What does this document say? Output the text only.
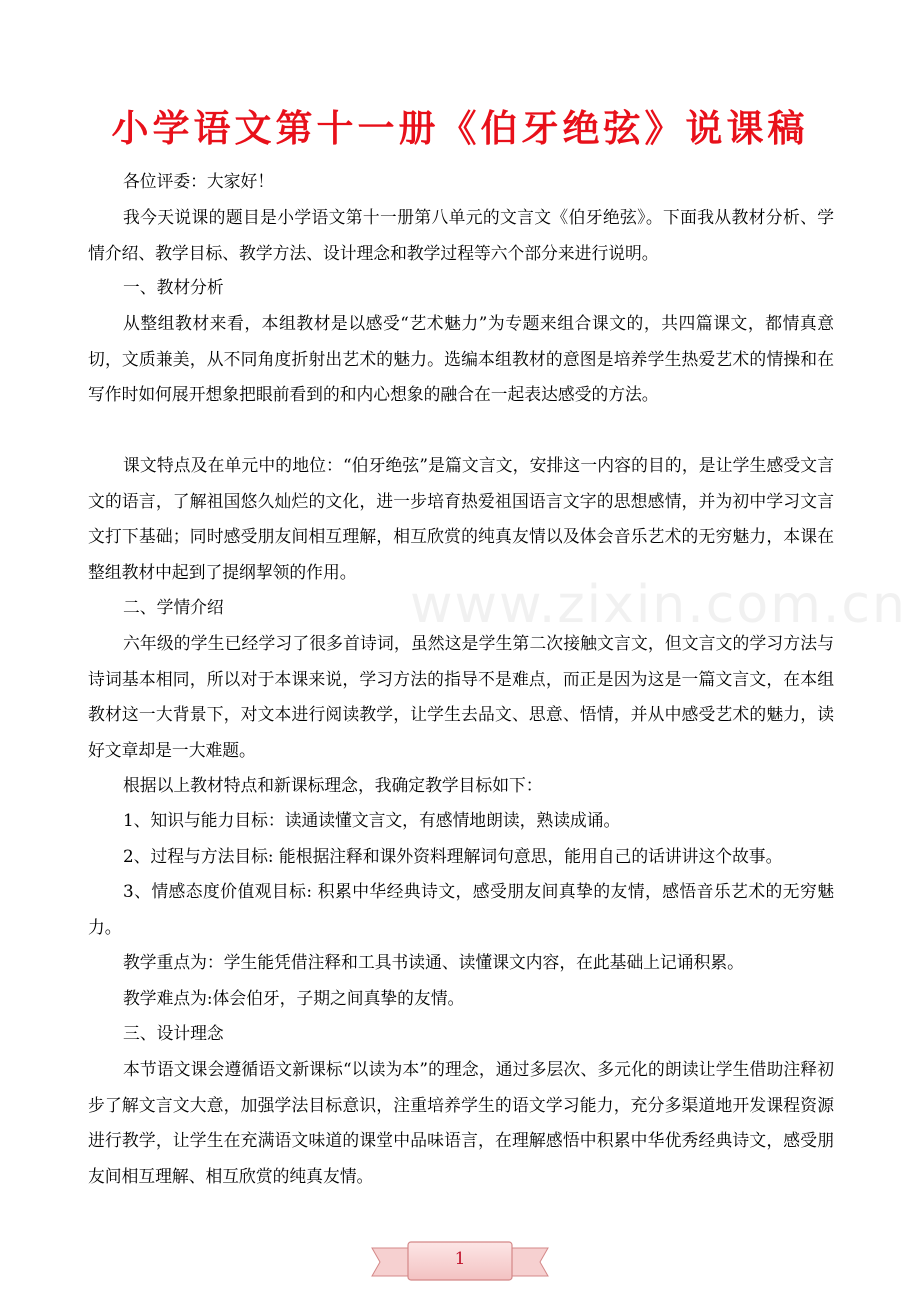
小学语文第十一册《伯牙绝弦》说课稿
www.zixin.com.cn

各位评委：大家好！

我今天说课的题目是小学语文第十一册第八单元的文言文《伯牙绝弦》。下面我从教材分析、学情介绍、教学目标、教学方法、设计理念和教学过程等六个部分来进行说明。

一、教材分析

从整组教材来看，本组教材是以感受“艺术魅力”为专题来组合课文的，共四篇课文，都情真意切，文质兼美，从不同角度折射出艺术的魅力。选编本组教材的意图是培养学生热爱艺术的情操和在写作时如何展开想象把眼前看到的和内心想象的融合在一起表达感受的方法。

课文特点及在单元中的地位：“伯牙绝弦”是篇文言文，安排这一内容的目的，是让学生感受文言文的语言，了解祖国悠久灿烂的文化，进一步培育热爱祖国语言文字的思想感情，并为初中学习文言文打下基础；同时感受朋友间相互理解，相互欣赏的纯真友情以及体会音乐艺术的无穷魅力，本课在整组教材中起到了提纲挈领的作用。

二、学情介绍

六年级的学生已经学习了很多首诗词，虽然这是学生第二次接触文言文，但文言文的学习方法与诗词基本相同，所以对于本课来说，学习方法的指导不是难点，而正是因为这是一篇文言文，在本组教材这一大背景下，对文本进行阅读教学，让学生去品文、思意、悟情，并从中感受艺术的魅力，读好文章却是一大难题。

根据以上教材特点和新课标理念，我确定教学目标如下：

1、知识与能力目标：读通读懂文言文，有感情地朗读，熟读成诵。

2、过程与方法目标: 能根据注释和课外资料理解词句意思，能用自己的话讲讲这个故事。

3、情感态度价值观目标: 积累中华经典诗文，感受朋友间真挚的友情，感悟音乐艺术的无穷魅力。

教学重点为：学生能凭借注释和工具书读通、读懂课文内容，在此基础上记诵积累。

教学难点为:体会伯牙，子期之间真挚的友情。

三、设计理念

本节语文课会遵循语文新课标“以读为本”的理念，通过多层次、多元化的朗读让学生借助注释初步了解文言文大意，加强学法目标意识，注重培养学生的语文学习能力，充分多渠道地开发课程资源进行教学，让学生在充满语文味道的课堂中品味语言，在理解感悟中积累中华优秀经典诗文，感受朋友间相互理解、相互欣赏的纯真友情。

1
